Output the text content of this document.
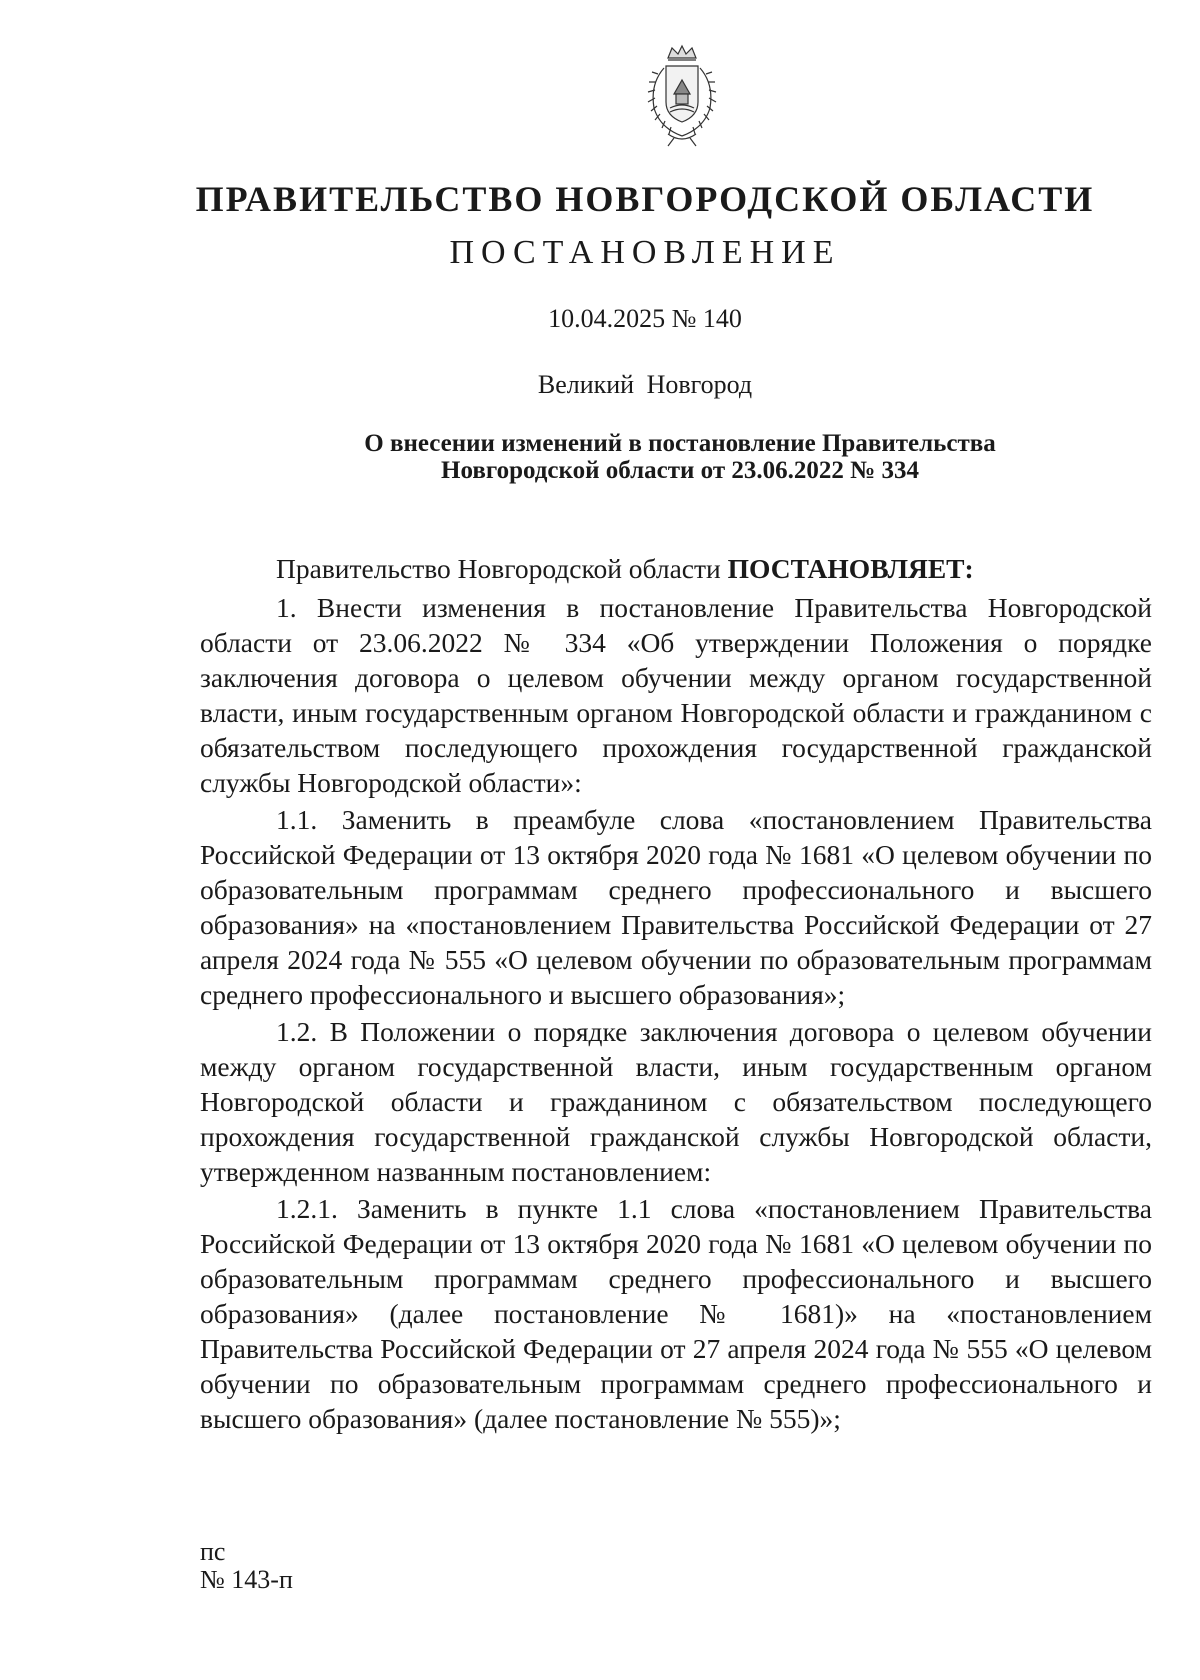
ПРАВИТЕЛЬСТВО НОВГОРОДСКОЙ ОБЛАСТИ
ПОСТАНОВЛЕНИЕ
10.04.2025 № 140
Великий Новгород
О внесении изменений в постановление Правительства
Новгородской области от 23.06.2022 № 334

Правительство Новгородской области ПОСТАНОВЛЯЕТ:

1. Внести изменения в постановление Правительства Новгородской области от 23.06.2022 № 334 «Об утверждении Положения о порядке заключения договора о целевом обучении между органом государственной власти, иным государственным органом Новгородской области и гражданином с обязательством последующего прохождения государственной гражданской службы Новгородской области»:

1.1. Заменить в преамбуле слова «постановлением Правительства Российской Федерации от 13 октября 2020 года № 1681 «О целевом обучении по образовательным программам среднего профессионального и высшего образования» на «постановлением Правительства Российской Федерации от 27 апреля 2024 года № 555 «О целевом обучении по образовательным программам среднего профессионального и высшего образования»;

1.2. В Положении о порядке заключения договора о целевом обучении между органом государственной власти, иным государственным органом Новгородской области и гражданином с обязательством последующего прохождения государственной гражданской службы Новгородской области, утвержденном названным постановлением:

1.2.1. Заменить в пункте 1.1 слова «постановлением Правительства Российской Федерации от 13 октября 2020 года № 1681 «О целевом обучении по образовательным программам среднего профессионального и высшего образования» (далее постановление № 1681)» на «постановлением Правительства Российской Федерации от 27 апреля 2024 года № 555 «О целевом обучении по образовательным программам среднего профессионального и высшего образования» (далее постановление № 555)»;

пс
№ 143-п
